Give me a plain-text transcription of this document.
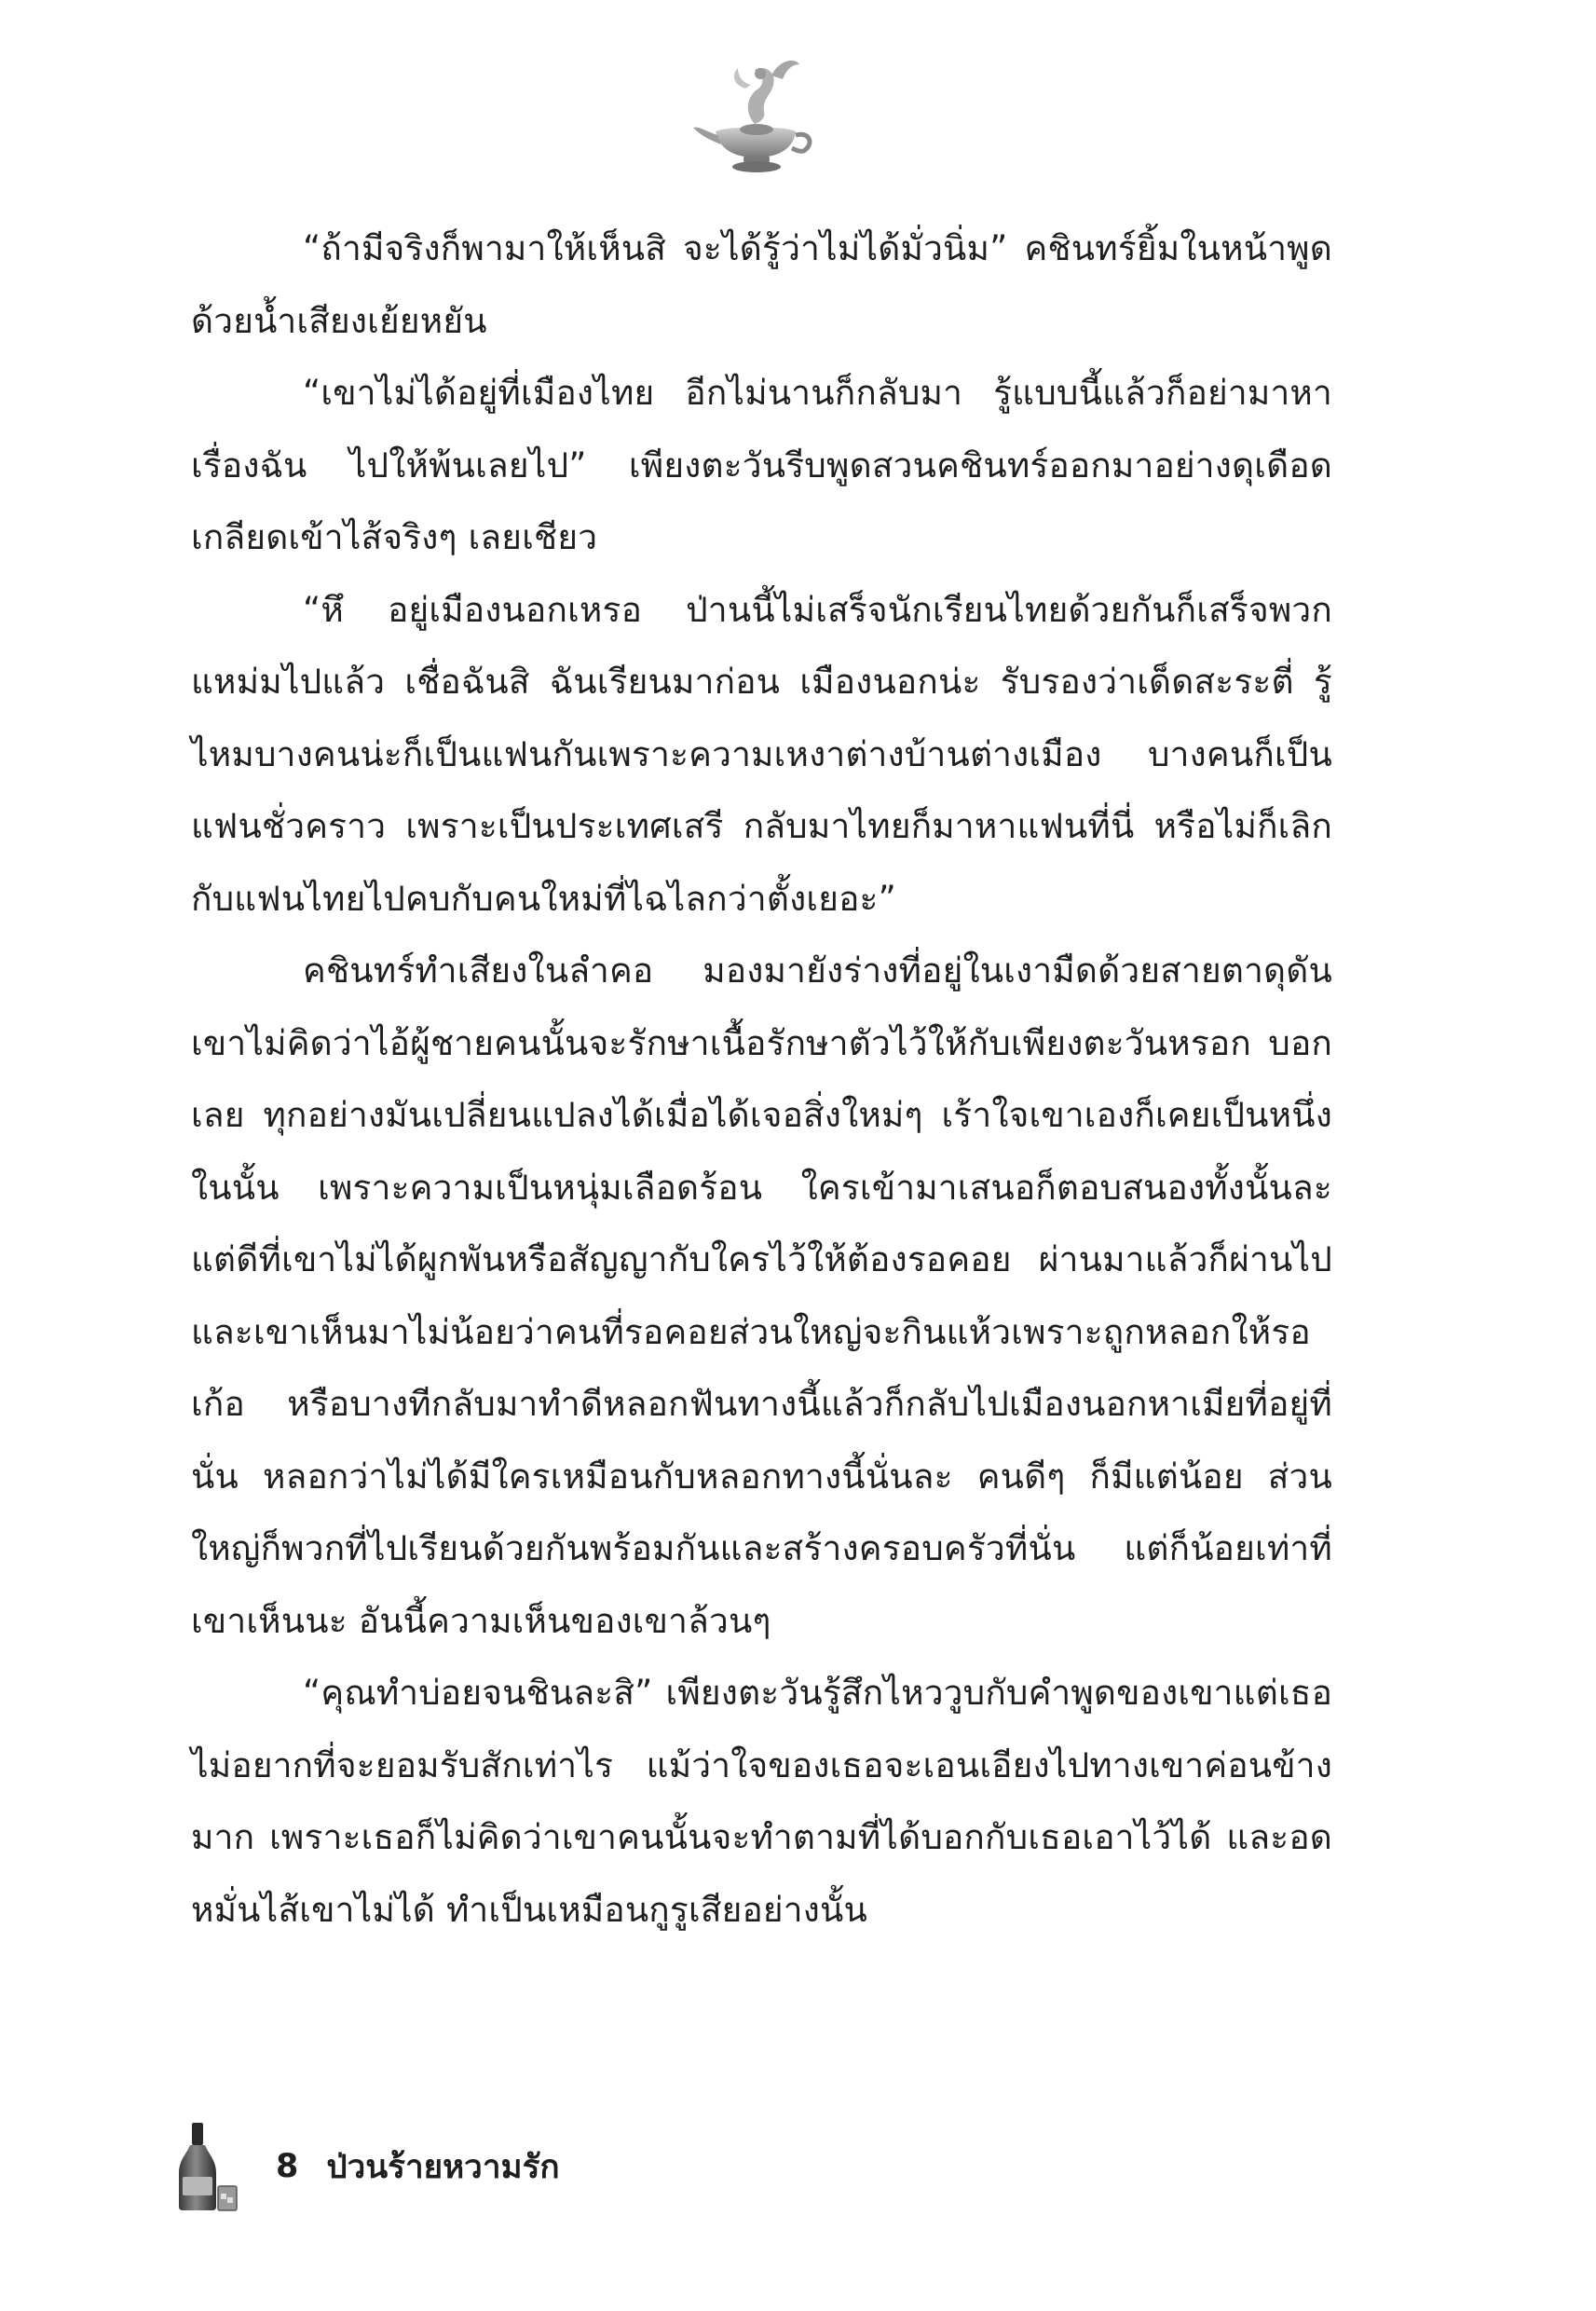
“ถ้ามีจริงก็พามาให้เห็นสิ จะได้รู้ว่าไม่ได้มั่วนิ่ม” คชินทร์ยิ้มในหน้าพูดด้วยน้ำเสียงเย้ยหยัน

“เขาไม่ได้อยู่ที่เมืองไทย อีกไม่นานก็กลับมา รู้แบบนี้แล้วก็อย่ามาหาเรื่องฉัน ไปให้พ้นเลยไป” เพียงตะวันรีบพูดสวนคชินทร์ออกมาอย่างดุเดือด เกลียดเข้าไส้จริงๆ เลยเชียว

“หึ อยู่เมืองนอกเหรอ ป่านนี้ไม่เสร็จนักเรียนไทยด้วยกันก็เสร็จพวกแหม่มไปแล้ว เชื่อฉันสิ ฉันเรียนมาก่อน เมืองนอกน่ะ รับรองว่าเด็ดสะระตี่ รู้ไหมบางคนน่ะก็เป็นแฟนกันเพราะความเหงาต่างบ้านต่างเมือง บางคนก็เป็นแฟนชั่วคราว เพราะเป็นประเทศเสรี กลับมาไทยก็มาหาแฟนที่นี่ หรือไม่ก็เลิกกับแฟนไทยไปคบกับคนใหม่ที่ไฉไลกว่าตั้งเยอะ”

คชินทร์ทำเสียงในลำคอ มองมายังร่างที่อยู่ในเงามืดด้วยสายตาดุดัน เขาไม่คิดว่าไอ้ผู้ชายคนนั้นจะรักษาเนื้อรักษาตัวไว้ให้กับเพียงตะวันหรอก บอกเลย ทุกอย่างมันเปลี่ยนแปลงได้เมื่อได้เจอสิ่งใหม่ๆ เร้าใจเขาเองก็เคยเป็นหนึ่งในนั้น เพราะความเป็นหนุ่มเลือดร้อน ใครเข้ามาเสนอก็ตอบสนองทั้งนั้นละ แต่ดีที่เขาไม่ได้ผูกพันหรือสัญญากับใครไว้ให้ต้องรอคอย ผ่านมาแล้วก็ผ่านไป และเขาเห็นมาไม่น้อยว่าคนที่รอคอยส่วนใหญ่จะกินแห้วเพราะถูกหลอกให้รอเก้อ หรือบางทีกลับมาทำดีหลอกฟันทางนี้แล้วก็กลับไปเมืองนอกหาเมียที่อยู่ที่นั่น หลอกว่าไม่ได้มีใครเหมือนกับหลอกทางนี้นั่นละ คนดีๆ ก็มีแต่น้อย ส่วนใหญ่ก็พวกที่ไปเรียนด้วยกันพร้อมกันและสร้างครอบครัวที่นั่น แต่ก็น้อยเท่าที่เขาเห็นนะ อันนี้ความเห็นของเขาล้วนๆ

“คุณทำบ่อยจนชินละสิ” เพียงตะวันรู้สึกไหววูบกับคำพูดของเขาแต่เธอไม่อยากที่จะยอมรับสักเท่าไร แม้ว่าใจของเธอจะเอนเอียงไปทางเขาค่อนข้างมาก เพราะเธอก็ไม่คิดว่าเขาคนนั้นจะทำตามที่ได้บอกกับเธอเอาไว้ได้ และอดหมั่นไส้เขาไม่ได้ ทำเป็นเหมือนกูรูเสียอย่างนั้น

8 ป่วนร้ายหวามรัก
